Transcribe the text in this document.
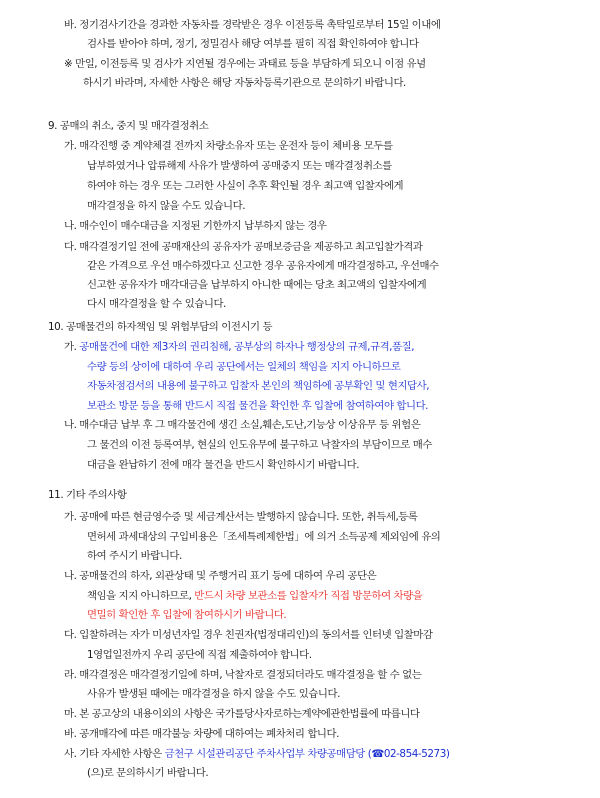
바. 정기검사기간을 경과한 자동차를 경락받은 경우 이전등록 촉탁일로부터 15일 이내에
검사를 받아야 하며, 정기, 정밀검사 해당 여부를 필히 직접 확인하여야 합니다
※ 만일, 이전등록 및 검사가 지연될 경우에는 과태료 등을 부담하게 되오니 이점 유념
하시기 바라며, 자세한 사항은 해당 자동차등록기관으로 문의하기 바랍니다.
9. 공매의 취소, 중지 및 매각결정취소
가. 매각진행 중 계약체결 전까지 차량소유자 또는 운전자 등이 체비용 모두를
납부하였거나 압류해제 사유가 발생하여 공매중지 또는 매각결정취소를
하여야 하는 경우 또는 그러한 사실이 추후 확인될 경우 최고액 입찰자에게
매각결정을 하지 않을 수도 있습니다.
나. 매수인이 매수대금을 지정된 기한까지 납부하지 않는 경우
다. 매각결정기일 전에 공매재산의 공유자가 공매보증금을 제공하고 최고입찰가격과
같은 가격으로 우선 매수하겠다고 신고한 경우 공유자에게 매각결정하고, 우선매수
신고한 공유자가 매각대금을 납부하지 아니한 때에는 당초 최고액의 입찰자에게
다시 매각결정을 할 수 있습니다.
10. 공매물건의 하자책임 및 위험부담의 이전시기 등
가. 공매물건에 대한 제3자의 권리침해, 공부상의 하자나 행정상의 규제,규격,품질,
수량 등의 상이에 대하여 우리 공단에서는 일체의 책임을 지지 아니하므로
자동차점검서의 내용에 불구하고 입찰자 본인의 책임하에 공부확인 및 현지답사,
보관소 방문 등을 통해 반드시 직접 물건을 확인한 후 입찰에 참여하여야 합니다.
나. 매수대금 납부 후 그 매각물건에 생긴 소실,훼손,도난,기능상 이상유무 등 위험은
그 물건의 이전 등록여부, 현실의 인도유무에 불구하고 낙찰자의 부담이므로 매수
대금을 완납하기 전에 매각 물건을 반드시 확인하시기 바랍니다.
11. 기타 주의사항
가. 공매에 따른 현금영수증 및 세금계산서는 발행하지 않습니다. 또한, 취득세,등록
면허세 과세대상의 구입비용은「조세특례제한법」에 의거 소득공제 제외임에 유의
하여 주시기 바랍니다.
나. 공매물건의 하자, 외관상태 및 주행거리 표기 등에 대하여 우리 공단은
책임을 지지 아니하므로, 반드시 차량 보관소를 입찰자가 직접 방문하여 차량을
면밀히 확인한 후 입찰에 참여하시기 바랍니다.
다. 입찰하려는 자가 미성년자일 경우 친권자(법정대리인)의 동의서를 인터넷 입찰마감
1영업일전까지 우리 공단에 직접 제출하여야 합니다.
라. 매각결정은 매각결정기일에 하며, 낙찰자로 결정되더라도 매각결정을 할 수 없는
사유가 발생된 때에는 매각결정을 하지 않을 수도 있습니다.
마. 본 공고상의 내용이외의 사항은 국가를당사자로하는계약에관한법률에 따릅니다
바. 공개매각에 따른 매각불능 차량에 대하여는 폐차처리 합니다.
사. 기타 자세한 사항은 금천구 시설관리공단 주차사업부 차량공매담당 (☎02-854-5273)
(으)로 문의하시기 바랍니다.
